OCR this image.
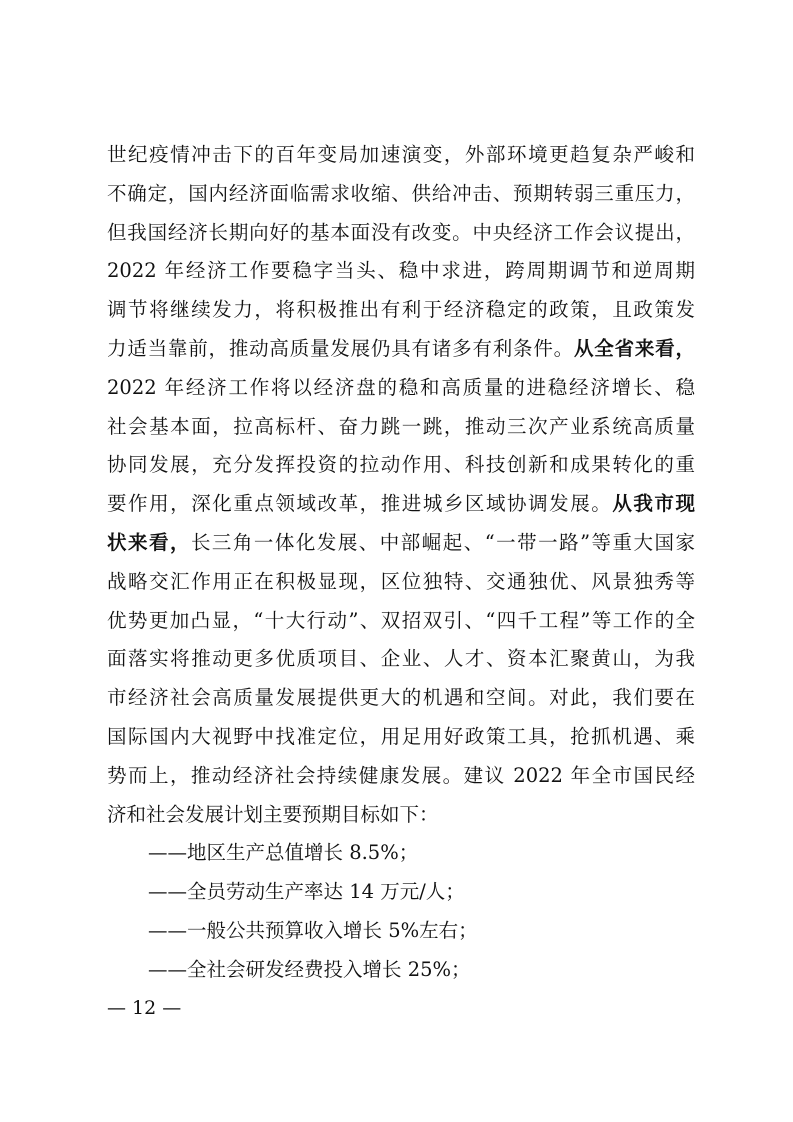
世纪疫情冲击下的百年变局加速演变，外部环境更趋复杂严峻和
不确定，国内经济面临需求收缩、供给冲击、预期转弱三重压力，
但我国经济长期向好的基本面没有改变。中央经济工作会议提出，
2022 年经济工作要稳字当头、稳中求进，跨周期调节和逆周期
调节将继续发力，将积极推出有利于经济稳定的政策，且政策发
力适当靠前，推动高质量发展仍具有诸多有利条件。从全省来看，
2022 年经济工作将以经济盘的稳和高质量的进稳经济增长、稳
社会基本面，拉高标杆、奋力跳一跳，推动三次产业系统高质量
协同发展，充分发挥投资的拉动作用、科技创新和成果转化的重
要作用，深化重点领域改革，推进城乡区域协调发展。从我市现
状来看，长三角一体化发展、中部崛起、“一带一路”等重大国家
战略交汇作用正在积极显现，区位独特、交通独优、风景独秀等
优势更加凸显，“十大行动”、双招双引、“四千工程”等工作的全
面落实将推动更多优质项目、企业、人才、资本汇聚黄山，为我
市经济社会高质量发展提供更大的机遇和空间。对此，我们要在
国际国内大视野中找准定位，用足用好政策工具，抢抓机遇、乘
势而上，推动经济社会持续健康发展。建议 2022 年全市国民经
济和社会发展计划主要预期目标如下：
——地区生产总值增长 8.5%；
——全员劳动生产率达 14 万元/人；
——一般公共预算收入增长 5%左右；
——全社会研发经费投入增长 25%；
— 12 —
